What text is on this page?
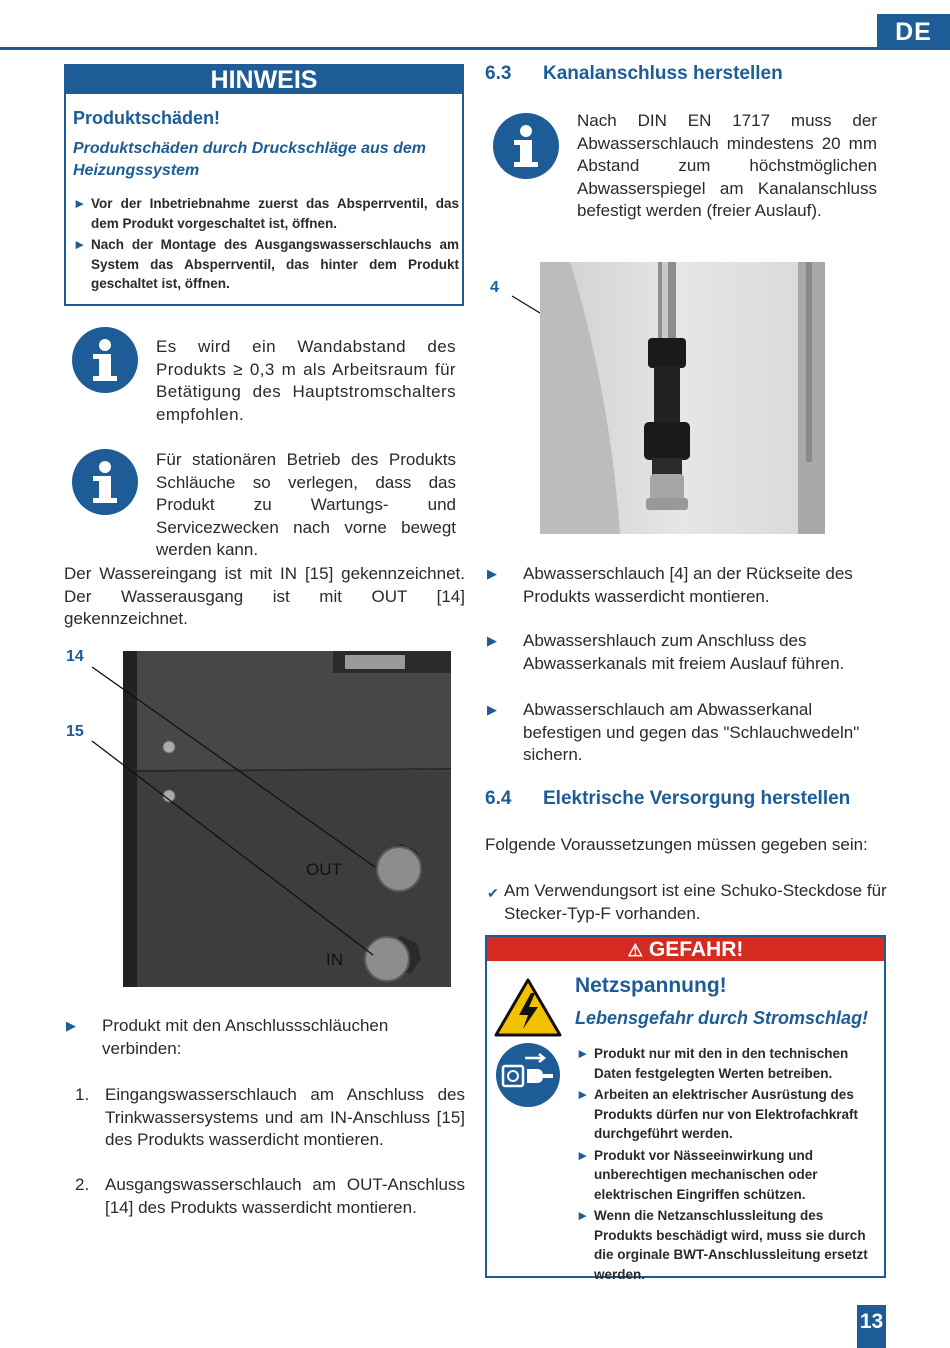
DE
HINWEIS
Produktschäden!
Produktschäden durch Druckschläge aus dem Heizungssystem
► Vor der Inbetriebnahme zuerst das Absperrventil, das dem Produkt vorgeschaltet ist, öffnen.
► Nach der Montage des Ausgangswasserschlauchs am System das Absperrventil, das hinter dem Produkt geschaltet ist, öffnen.
Es wird ein Wandabstand des Produkts ≥ 0,3 m als Arbeitsraum für Betätigung des Hauptstromschalters empfohlen.
Für stationären Betrieb des Produkts Schläuche so verlegen, dass das Produkt zu Wartungs- und Servicezwecken nach vorne bewegt werden kann.
Der Wassereingang ist mit IN [15] gekennzeichnet. Der Wasserausgang ist mit OUT [14] gekennzeichnet.
14
15
OUT
IN
▶	Produkt mit den Anschlussschläuchen verbinden:
1. Eingangswasserschlauch am Anschluss des Trinkwassersystems und am IN-Anschluss [15] des Produkts wasserdicht montieren.
2. Ausgangswasserschlauch am OUT-Anschluss [14] des Produkts wasserdicht montieren.
6.3 Kanalanschluss herstellen
Nach DIN EN 1717 muss der Abwasserschlauch mindestens 20 mm Abstand zum höchstmöglichen Abwasserspiegel am Kanalanschluss befestigt werden (freier Auslauf).
4
▶	Abwasserschlauch [4] an der Rückseite des Produkts wasserdicht montieren.
▶	Abwassershlauch zum Anschluss des Abwasserkanals mit freiem Auslauf führen.
▶	Abwasserschlauch am Abwasserkanal befestigen und gegen das "Schlauchwedeln" sichern.
6.4 Elektrische Versorgung herstellen
Folgende Voraussetzungen müssen gegeben sein:
✔ Am Verwendungsort ist eine Schuko-Steckdose für Stecker-Typ-F vorhanden.
⚠ GEFAHR!
Netzspannung!
Lebensgefahr durch Stromschlag!
► Produkt nur mit den in den technischen Daten festgelegten Werten betreiben.
► Arbeiten an elektrischer Ausrüstung des Produkts dürfen nur von Elektrofachkraft durchgeführt werden.
► Produkt vor Nässeeinwirkung und unberechtigen mechanischen oder elektrischen Eingriffen schützen.
► Wenn die Netzanschlussleitung des Produkts beschädigt wird, muss sie durch die orginale BWT-Anschlussleitung ersetzt werden.
13
